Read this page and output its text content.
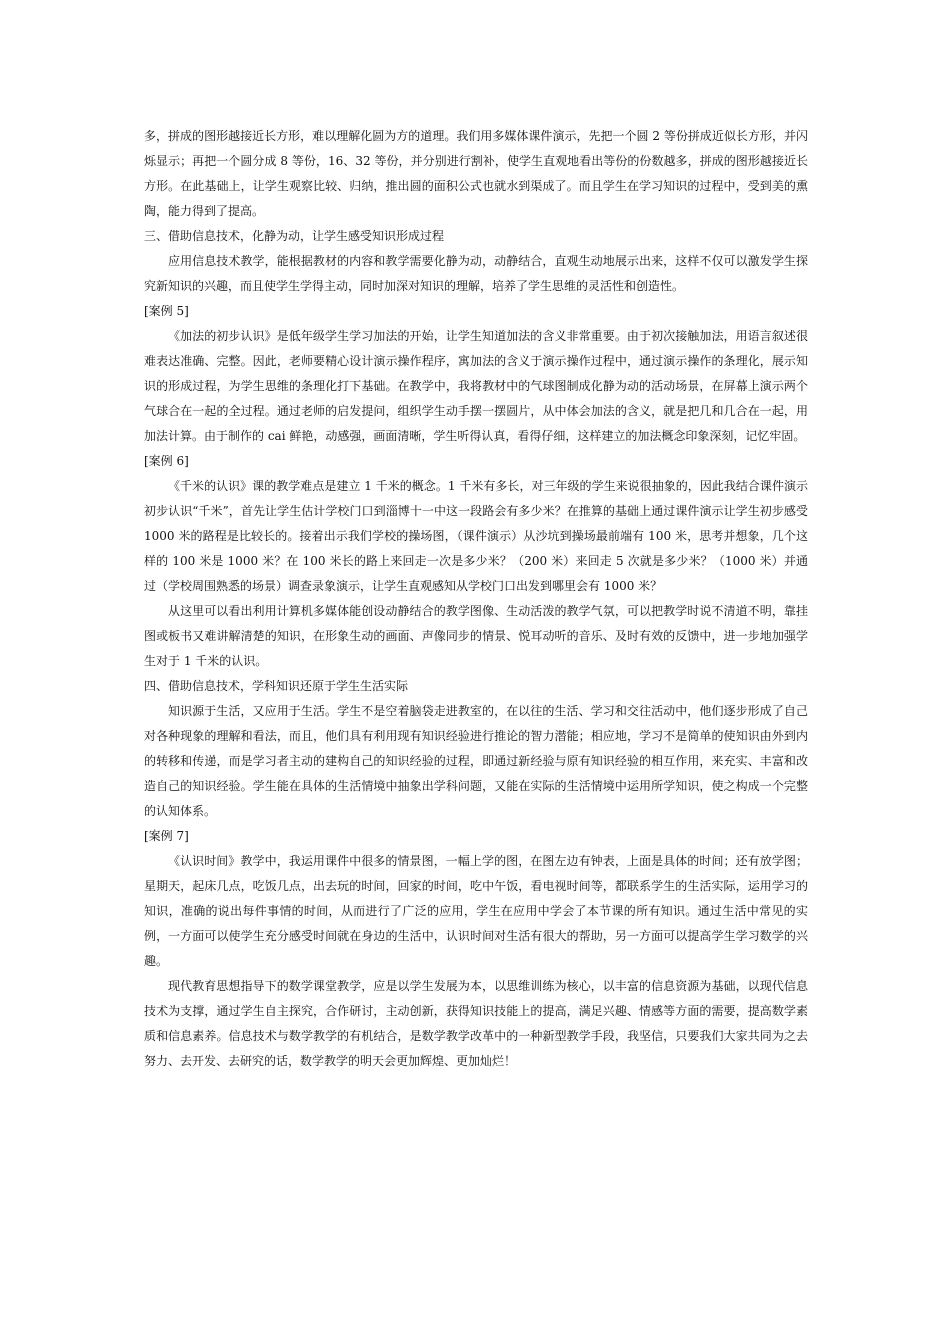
多，拼成的图形越接近长方形，难以理解化圆为方的道理。我们用多媒体课件演示，先把一个圆 2 等份拼成近似长方形，并闪烁显示；再把一个圆分成 8 等份，16、32 等份，并分别进行割补，使学生直观地看出等份的份数越多，拼成的图形越接近长方形。在此基础上，让学生观察比较、归纳，推出圆的面积公式也就水到渠成了。而且学生在学习知识的过程中，受到美的熏陶，能力得到了提高。

三、借助信息技术，化静为动，让学生感受知识形成过程

应用信息技术教学，能根据教材的内容和教学需要化静为动，动静结合，直观生动地展示出来，这样不仅可以激发学生探究新知识的兴趣，而且使学生学得主动，同时加深对知识的理解，培养了学生思维的灵活性和创造性。

[案例 5]

《加法的初步认识》是低年级学生学习加法的开始，让学生知道加法的含义非常重要。由于初次接触加法，用语言叙述很难表达准确、完整。因此，老师要精心设计演示操作程序，寓加法的含义于演示操作过程中，通过演示操作的条理化，展示知识的形成过程，为学生思维的条理化打下基础。在教学中，我将教材中的气球图制成化静为动的活动场景，在屏幕上演示两个气球合在一起的全过程。通过老师的启发提问，组织学生动手摆一摆圆片，从中体会加法的含义，就是把几和几合在一起，用加法计算。由于制作的 cai 鲜艳，动感强，画面清晰，学生听得认真，看得仔细，这样建立的加法概念印象深刻，记忆牢固。

[案例 6]

《千米的认识》课的教学难点是建立 1 千米的概念。1 千米有多长，对三年级的学生来说很抽象的，因此我结合课件演示初步认识“千米”，首先让学生估计学校门口到淄博十一中这一段路会有多少米？在推算的基础上通过课件演示让学生初步感受 1000 米的路程是比较长的。接着出示我们学校的操场图，（课件演示）从沙坑到操场最前端有 100 米，思考并想象，几个这样的 100 米是 1000 米？在 100 米长的路上来回走一次是多少米？（200 米）来回走 5 次就是多少米？（1000 米）并通过（学校周围熟悉的场景）调查录象演示，让学生直观感知从学校门口出发到哪里会有 1000 米？

从这里可以看出利用计算机多媒体能创设动静结合的教学图像、生动活泼的教学气氛，可以把教学时说不清道不明，靠挂图或板书又难讲解清楚的知识，在形象生动的画面、声像同步的情景、悦耳动听的音乐、及时有效的反馈中，进一步地加强学生对于 1 千米的认识。

四、借助信息技术，学科知识还原于学生生活实际

知识源于生活，又应用于生活。学生不是空着脑袋走进教室的，在以往的生活、学习和交往活动中，他们逐步形成了自己对各种现象的理解和看法，而且，他们具有利用现有知识经验进行推论的智力潜能；相应地，学习不是简单的使知识由外到内的转移和传递，而是学习者主动的建构自己的知识经验的过程，即通过新经验与原有知识经验的相互作用，来充实、丰富和改造自己的知识经验。学生能在具体的生活情境中抽象出学科问题，又能在实际的生活情境中运用所学知识，使之构成一个完整的认知体系。

[案例 7]

《认识时间》教学中，我运用课件中很多的情景图，一幅上学的图，在图左边有钟表，上面是具体的时间；还有放学图；星期天，起床几点，吃饭几点，出去玩的时间，回家的时间，吃中午饭，看电视时间等，都联系学生的生活实际，运用学习的知识，准确的说出每件事情的时间，从而进行了广泛的应用，学生在应用中学会了本节课的所有知识。通过生活中常见的实例，一方面可以使学生充分感受时间就在身边的生活中，认识时间对生活有很大的帮助，另一方面可以提高学生学习数学的兴趣。

现代教育思想指导下的数学课堂教学，应是以学生发展为本，以思维训练为核心，以丰富的信息资源为基础，以现代信息技术为支撑，通过学生自主探究，合作研讨，主动创新，获得知识技能上的提高，满足兴趣、情感等方面的需要，提高数学素质和信息素养。信息技术与数学教学的有机结合，是数学教学改革中的一种新型教学手段，我坚信，只要我们大家共同为之去努力、去开发、去研究的话，数学教学的明天会更加辉煌、更加灿烂！
